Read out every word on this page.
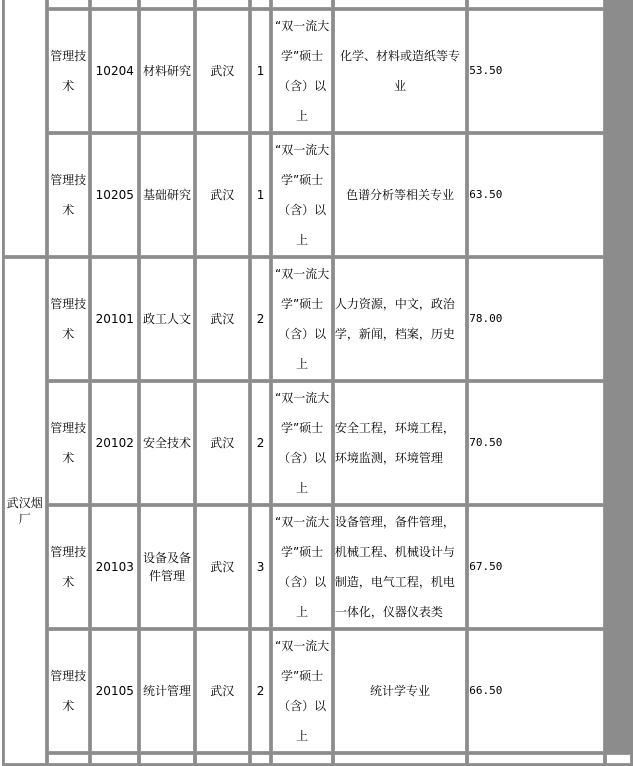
	管理技术	10204	材料研究	武汉	1	“双一流大学”硕士（含）以上	化学、材料或造纸等专业	53.50	
	管理技术	10205	基础研究	武汉	1	“双一流大学”硕士（含）以上	色谱分析等相关专业	63.50	

武汉烟厂	管理技术	20101	政工人文	武汉	2	“双一流大学”硕士（含）以上	人力资源，中文，政治学，新闻，档案，历史	78.00	
	管理技术	20102	安全技术	武汉	2	“双一流大学”硕士（含）以上	安全工程，环境工程，环境监测，环境管理	70.50	
	管理技术	20103	设备及备件管理	武汉	3	“双一流大学”硕士（含）以上	设备管理，备件管理，机械工程、机械设计与制造，电气工程，机电一体化，仪器仪表类	67.50	
	管理技术	20105	统计管理	武汉	2	“双一流大学”硕士（含）以上	统计学专业	66.50	
